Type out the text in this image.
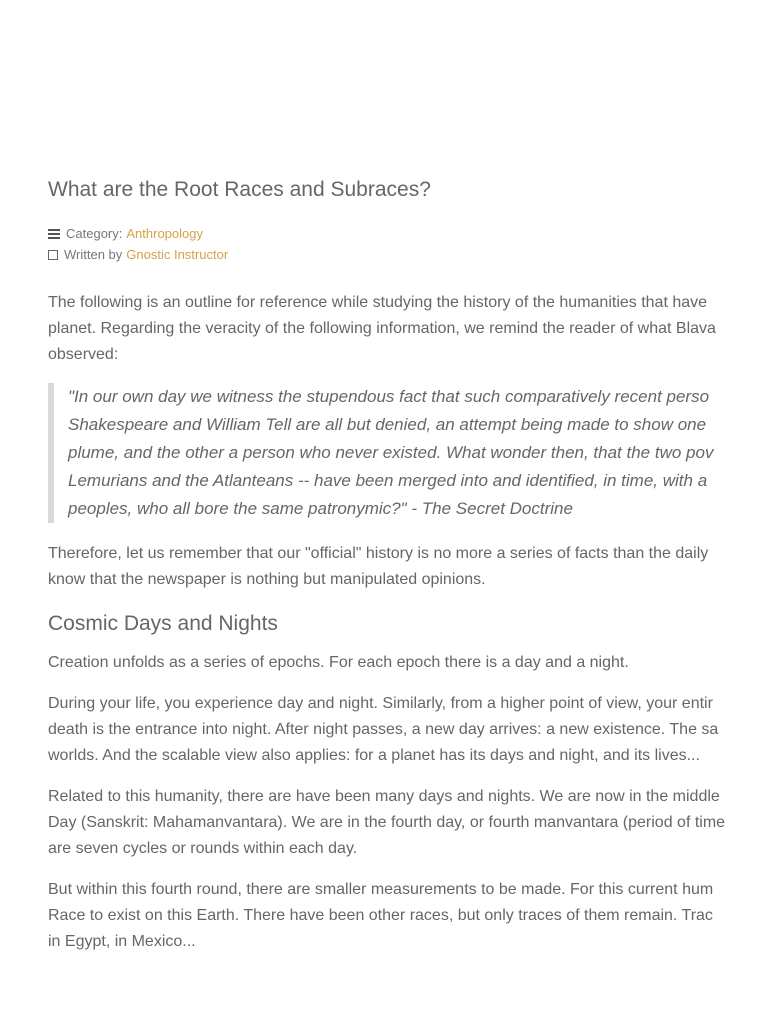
What are the Root Races and Subraces?
Category: Anthropology
Written by Gnostic Instructor

The following is an outline for reference while studying the history of the humanities that have
planet. Regarding the veracity of the following information, we remind the reader of what Blava
observed:

"In our own day we witness the stupendous fact that such comparatively recent perso
Shakespeare and William Tell are all but denied, an attempt being made to show one
plume, and the other a person who never existed. What wonder then, that the two pov
Lemurians and the Atlanteans -- have been merged into and identified, in time, with a
peoples, who all bore the same patronymic?" - The Secret Doctrine

Therefore, let us remember that our "official" history is no more a series of facts than the daily
know that the newspaper is nothing but manipulated opinions.

Cosmic Days and Nights

Creation unfolds as a series of epochs. For each epoch there is a day and a night.

During your life, you experience day and night. Similarly, from a higher point of view, your entir
death is the entrance into night. After night passes, a new day arrives: a new existence. The sa
worlds. And the scalable view also applies: for a planet has its days and night, and its lives...

Related to this humanity, there are have been many days and nights. We are now in the middle
Day (Sanskrit: Mahamanvantara). We are in the fourth day, or fourth manvantara (period of time
are seven cycles or rounds within each day.

But within this fourth round, there are smaller measurements to be made. For this current hum
Race to exist on this Earth. There have been other races, but only traces of them remain. Trac
in Egypt, in Mexico...
